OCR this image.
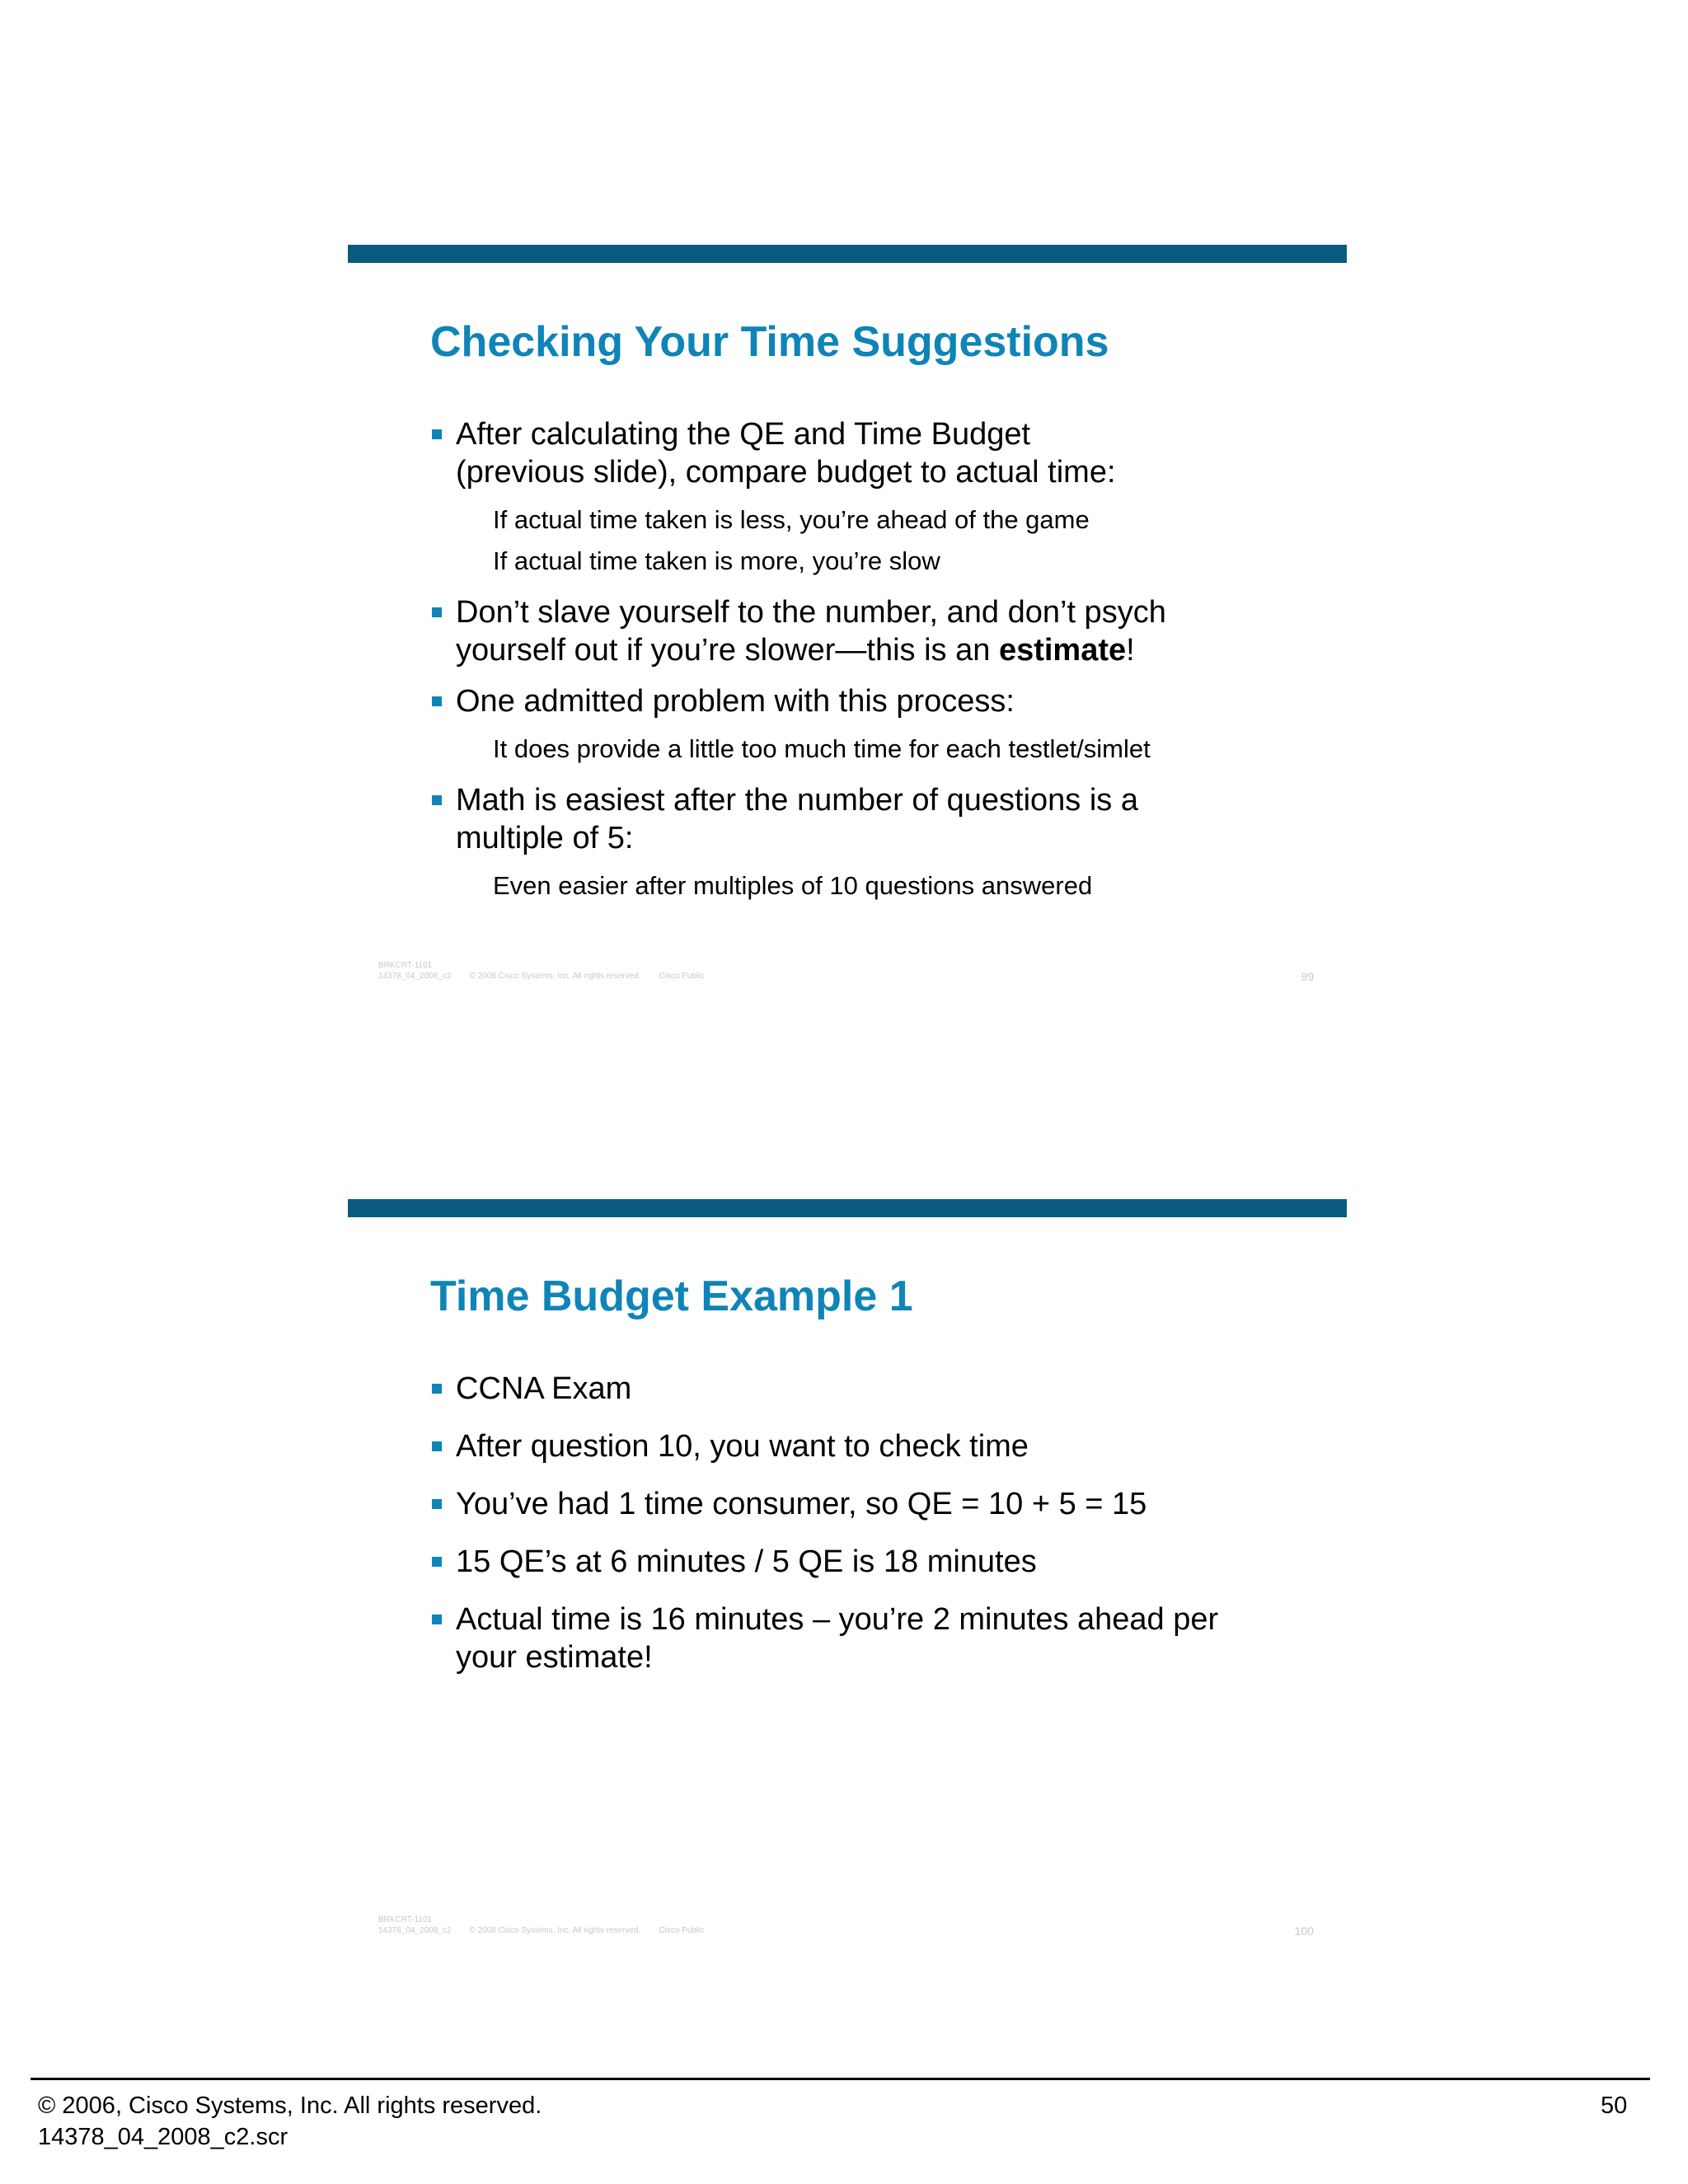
Checking Your Time Suggestions
After calculating the QE and Time Budget
(previous slide), compare budget to actual time:
If actual time taken is less, you’re ahead of the game
If actual time taken is more, you’re slow
Don’t slave yourself to the number, and don’t psych
yourself out if you’re slower—this is an estimate!
One admitted problem with this process:
It does provide a little too much time for each testlet/simlet
Math is easiest after the number of questions is a
multiple of 5:
Even easier after multiples of 10 questions answered
BRKCRT-1101
14378_04_2008_c2 © 2008 Cisco Systems, Inc. All rights reserved. Cisco Public	99
Time Budget Example 1
CCNA Exam
After question 10, you want to check time
You’ve had 1 time consumer, so QE = 10 + 5 = 15
15 QE’s at 6 minutes / 5 QE is 18 minutes
Actual time is 16 minutes – you’re 2 minutes ahead per
your estimate!
BRKCRT-1101
14378_04_2008_c2 © 2008 Cisco Systems, Inc. All rights reserved. Cisco Public	100
© 2006, Cisco Systems, Inc. All rights reserved.
14378_04_2008_c2.scr
50
